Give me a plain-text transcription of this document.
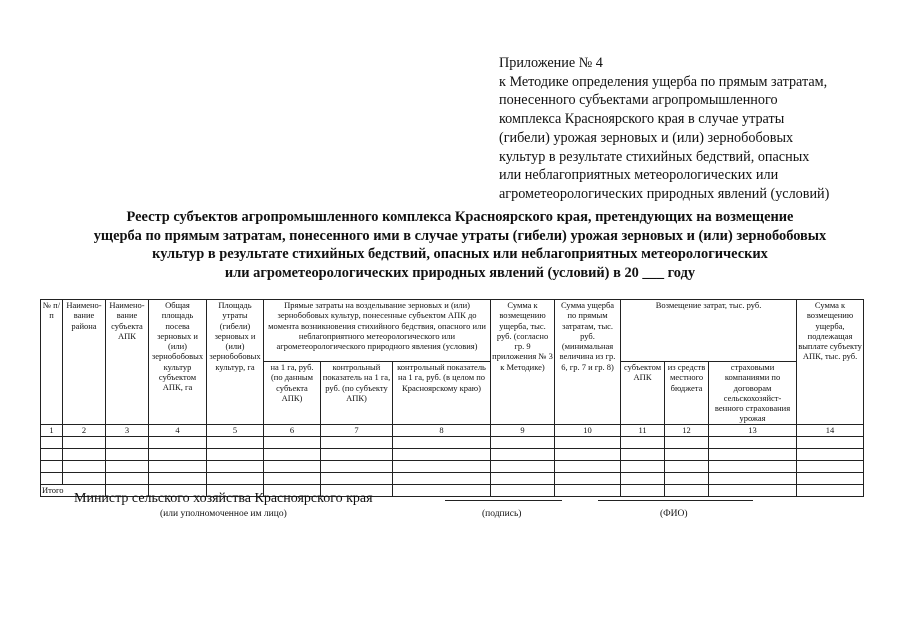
Приложение № 4
к Методике определения ущерба по прямым затратам,
понесенного субъектами агропромышленного
комплекса Красноярского края в случае утраты
(гибели) урожая зерновых и (или) зернобобовых
культур в результате стихийных бедствий, опасных
или неблагоприятных метеорологических или
агрометеорологических природных явлений (условий)
Реестр субъектов агропромышленного комплекса Красноярского края, претендующих на возмещение
ущерба по прямым затратам, понесенного ими в случае утраты (гибели) урожая зерновых и (или) зернобобовых
культур в результате стихийных бедствий, опасных или неблагоприятных метеорологических
или агрометеорологических природных явлений (условий) в 20 ___ году
№ п/п	Наимено-вание района	Наимено-вание субъекта АПК	Общая площадь посева зерновых и (или) зернобобовых культур субъектом АПК, га	Площадь утраты (гибели) зерновых и (или) зернобобовых культур, га	Прямые затраты на возделывание зерновых и (или) зернобобовых культур, понесенные субъектом АПК до момента возникновения стихийного бедствия, опасного или неблагоприятного метеорологического или агрометеорологического природного явления (условия)			Сумма к возмещению ущерба, тыс. руб. (согласно гр. 9 приложения № 3 к Методике)	Сумма ущерба по прямым затратам, тыс. руб. (минимальная величина из гр. 6, гр. 7 и гр. 8)	Возмещение затрат, тыс. руб.			Сумма к возмещению ущерба, подлежащая выплате субъекту АПК, тыс. руб.
					на 1 га, руб. (по данным субъекта АПК)	контрольный показатель на 1 га, руб. (по субъекту АПК)	контрольный показатель на 1 га, руб. (в целом по Красноярскому краю)			субъектом АПК	из средств местного бюджета	страховыми компаниями по договорам сельскохозяйст-венного страхования урожая	

1	2	3	4	5	6	7	8	9	10	11	12	13	14

Итого													
Министр сельского хозяйства Красноярского края
(или уполномоченное им лицо)	(подпись)	(ФИО)
